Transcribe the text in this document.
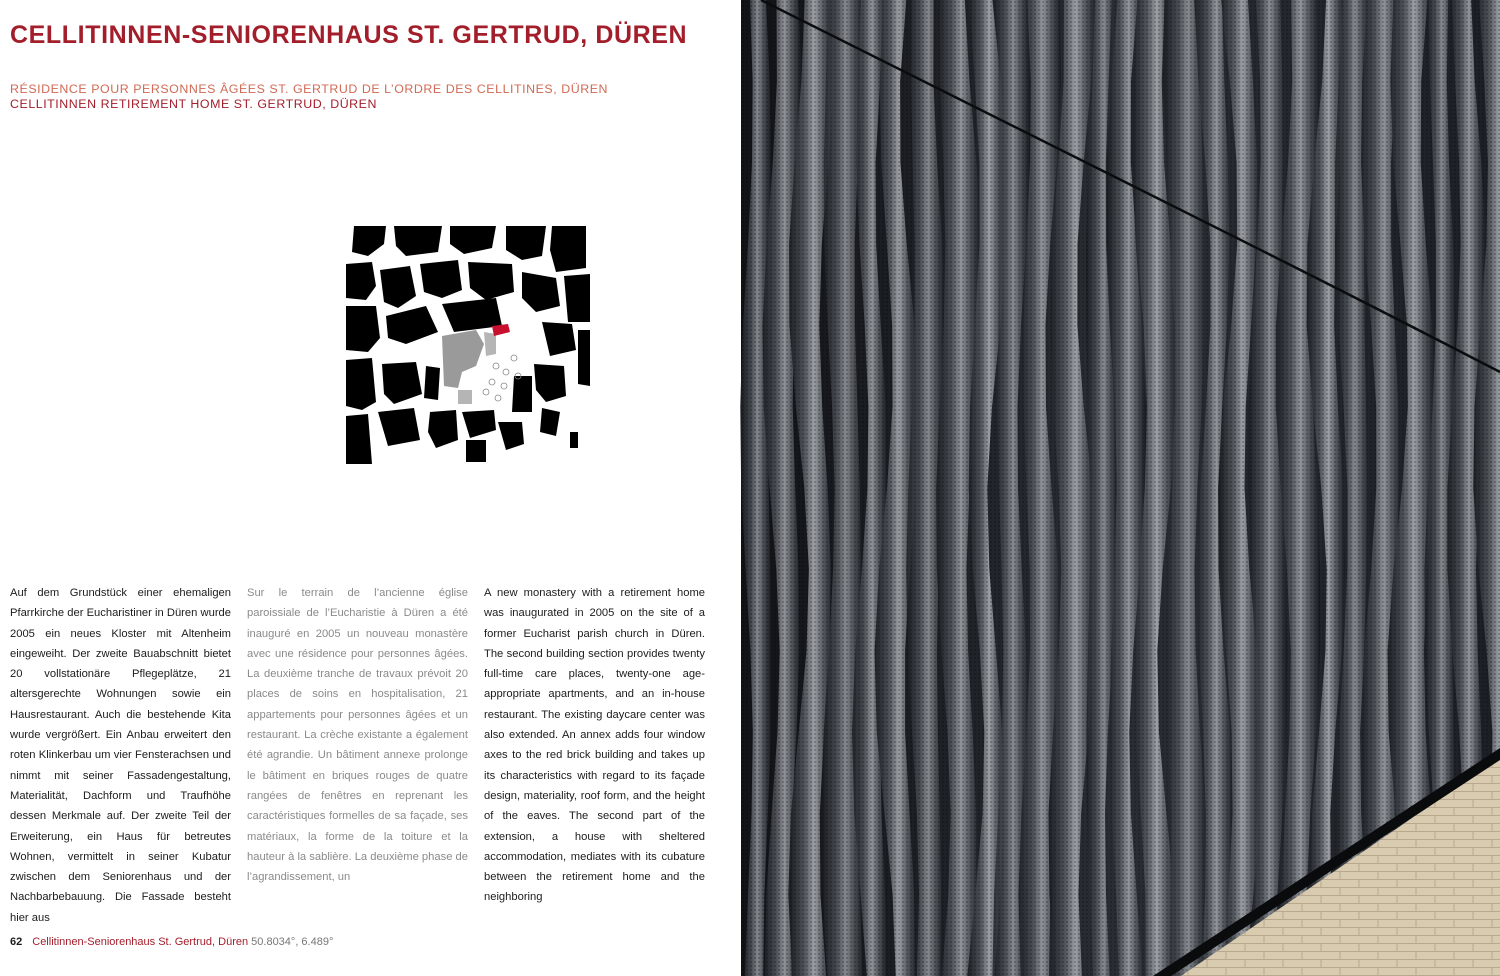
CELLITINNEN-SENIORENHAUS ST. GERTRUD, DÜREN
RÉSIDENCE POUR PERSONNES ÂGÉES ST. GERTRUD DE L’ORDRE DES CELLITINES, DÜREN
CELLITINNEN RETIREMENT HOME ST. GERTRUD, DÜREN

Auf dem Grundstück einer ehemaligen Pfarrkirche der Eucharistiner in Düren wurde 2005 ein neues Kloster mit Altenheim eingeweiht. Der zweite Bauabschnitt bietet 20 vollstationäre Pflegeplätze, 21 altersgerechte Wohnungen sowie ein Hausrestaurant. Auch die bestehende Kita wurde vergrößert. Ein Anbau erweitert den roten Klinkerbau um vier Fensterachsen und nimmt mit seiner Fassadengestaltung, Materialität, Dachform und Traufhöhe dessen Merkmale auf. Der zweite Teil der Erweiterung, ein Haus für betreutes Wohnen, vermittelt in seiner Kubatur zwischen dem Seniorenhaus und der Nachbarbebauung. Die Fassade besteht hier aus

Sur le terrain de l’ancienne église paroissiale de l’Eucharistie à Düren a été inauguré en 2005 un nouveau monastère avec une résidence pour personnes âgées. La deuxième tranche de travaux prévoit 20 places de soins en hospitalisation, 21 appartements pour personnes âgées et un restaurant. La crèche existante a également été agrandie. Un bâtiment annexe prolonge le bâtiment en briques rouges de quatre rangées de fenêtres en reprenant les caractéristiques formelles de sa façade, ses matériaux, la forme de la toiture et la hauteur à la sablière. La deuxième phase de l’agrandissement, un

A new monastery with a retirement home was inaugurated in 2005 on the site of a former Eucharist parish church in Düren. The second building section provides twenty full-time care places, twenty-one age-appropriate apartments, and an in-house restaurant. The existing daycare center was also extended. An annex adds four window axes to the red brick building and takes up its characteristics with regard to its façade design, materiality, roof form, and the height of the eaves. The second part of the extension, a house with sheltered accommodation, mediates with its cubature between the retirement home and the neighboring

62 Cellitinnen-Seniorenhaus St. Gertrud, Düren 50.8034°, 6.489°
